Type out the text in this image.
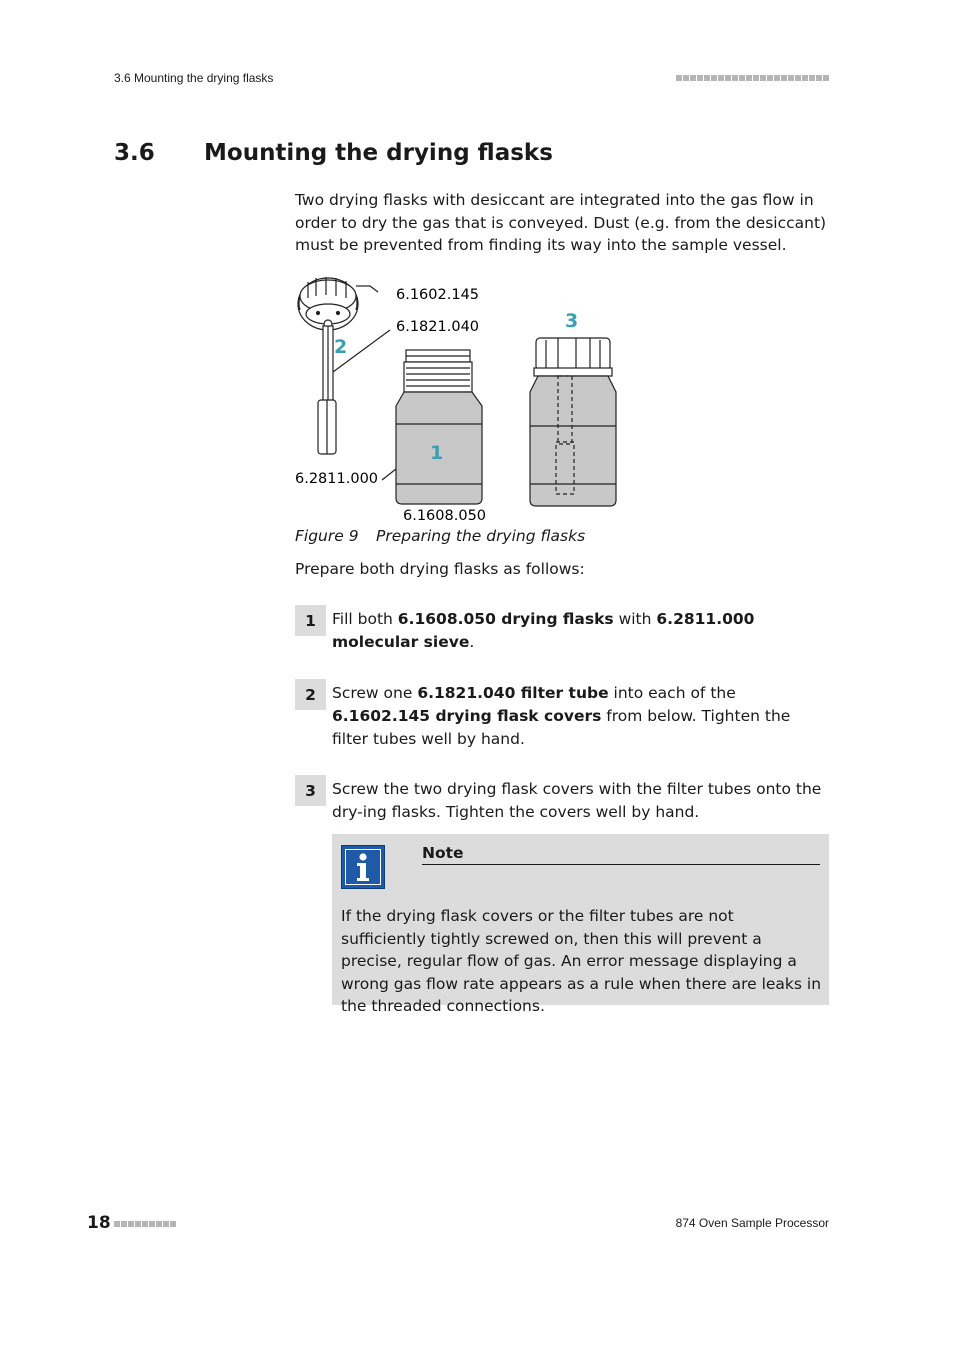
3.6 Mounting the drying flasks
3.6	Mounting the drying flasks

Two drying flasks with desiccant are integrated into the gas flow in order to dry the gas that is conveyed. Dust (e.g. from the desiccant) must be prevented from finding its way into the sample vessel.

6.1602.145
6.1821.040
6.2811.000
6.1608.050
1
2
3
Figure 9	Preparing the drying flasks

Prepare both drying flasks as follows:

1	Fill both 6.1608.050 drying flasks with 6.2811.000 molecular sieve.
2	Screw one 6.1821.040 filter tube into each of the 6.1602.145 drying flask covers from below. Tighten the filter tubes well by hand.
3	Screw the two drying flask covers with the filter tubes onto the dry-ing flasks. Tighten the covers well by hand.
Note
If the drying flask covers or the filter tubes are not sufficiently tightly screwed on, then this will prevent a precise, regular flow of gas. An error message displaying a wrong gas flow rate appears as a rule when there are leaks in the threaded connections.
18	874 Oven Sample Processor
